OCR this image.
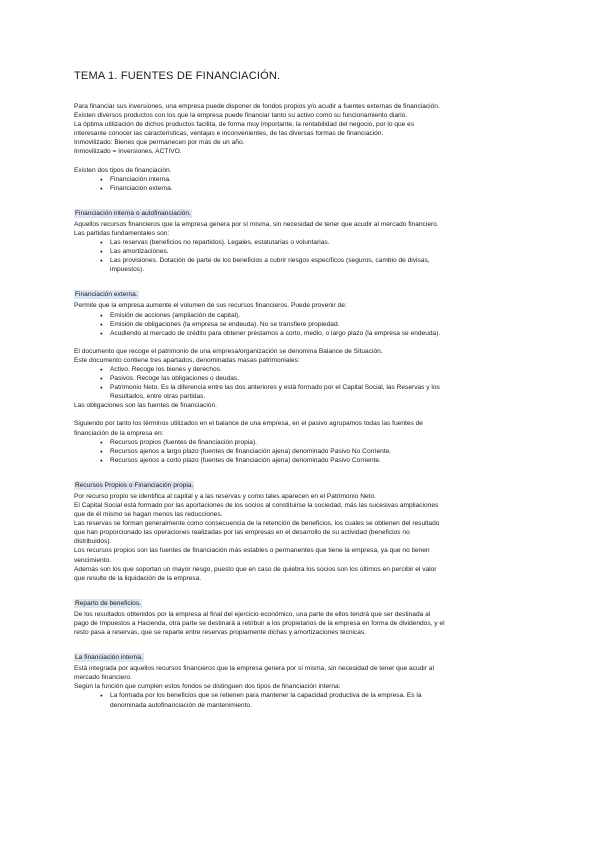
TEMA 1. FUENTES DE FINANCIACIÓN.

Para financiar sus inversiones, una empresa puede disponer de fondos propios y/o acudir a fuentes externas de financiación.

Existen diversos productos con los que la empresa puede financiar tanto su activo como su funcionamiento diario.

La óptima utilización de dichos productos facilita, de forma muy importante, la rentabilidad del negocio, por lo que es

interesante conocer las características, ventajas e inconvenientes, de las diversas formas de financiación.

Inmovilizado: Bienes que permanecen por más de un año.

Inmovilizado = Inversiones. ACTIVO.

Existen dos tipos de financiación.

● Financiación interna.
● Financiación externa.

Financiación interna o autofinanciación.

Aquellos recursos financieros que la empresa genera por sí misma, sin necesidad de tener que acudir al mercado financiero.

Las partidas fundamentales son:

● Las reservas (beneficios no repartidos). Legales, estatutarias o voluntarias.
● Las amortizaciones.
● Las provisiones. Dotación de parte de los beneficios a cubrir riesgos específicos (seguros, cambio de divisas,

impuestos).

Financiación externa.

Permite que la empresa aumente el volumen de sus recursos financieros. Puede provenir de:

● Emisión de acciones (ampliación de capital).
● Emisión de obligaciones (la empresa se endeuda). No se transfiere propiedad.
● Acudiendo al mercado de crédito para obtener préstamos a corto, medio, o largo plazo (la empresa se endeuda).

El documento que recoge el patrimonio de una empresa/organización se denomina Balance de Situación.

Este documento contiene tres apartados, denominadas masas patrimoniales:

● Activo. Recoge los bienes y derechos.
● Pasivos. Recoge las obligaciones o deudas.
● Patrimonio Neto. Es la diferencia entre las dos anteriores y está formado por el Capital Social, las Reservas y los

Resultados, entre otras partidas.

Las obligaciones son las fuentes de financiación.

Siguiendo por tanto los términos utilizados en el balance de una empresa, en el pasivo agrupamos todas las fuentes de

financiación de la empresa en:

● Recursos propios (fuentes de financiación propia).
● Recursos ajenos a largo plazo (fuentes de financiación ajena) denominado Pasivo No Corriente.
● Recursos ajenos a corto plazo (fuentes de financiación ajena) denominado Pasivo Corriente.

Recursos Propios o Financiación propia.

Por recurso propio se identifica al capital y a las reservas y como tales aparecen en el Patrimonio Neto.

El Capital Social está formado por las aportaciones de los socios al constituirse la sociedad, más las sucesivas ampliaciones

que de él mismo se hagan menos las reducciones.

Las reservas se forman generalmente como consecuencia de la retención de beneficios, los cuales se obtienen del resultado

que han proporcionado las operaciones realizadas por las empresas en el desarrollo de su actividad (beneficios no

distribuidos).

Los recursos propios son las fuentes de financiación más estables o permanentes que tiene la empresa, ya que no tienen

vencimiento.

Además son los que soportan un mayor riesgo, puesto que en caso de quiebra los socios son los últimos en percibir el valor

que resulte de la liquidación de la empresa.

Reparto de beneficios.

De los resultados obtenidos por la empresa al final del ejercicio económico, una parte de ellos tendrá que ser destinada al

pago de Impuestos a Hacienda, otra parte se destinará a retribuir a los propietarios de la empresa en forma de dividendos, y el

resto pasa a reservas, que se reparte entre reservas propiamente dichas y amortizaciones técnicas.

La financiación interna.

Está integrada por aquellos recursos financieros que la empresa genera por sí misma, sin necesidad de tener que acudir al

mercado financiero.

Según la función que cumplen estos fondos se distinguen dos tipos de financiación interna:

● La formada por los beneficios que se retienen para mantener la capacidad productiva de la empresa. Es la

denominada autofinanciación de mantenimiento.
